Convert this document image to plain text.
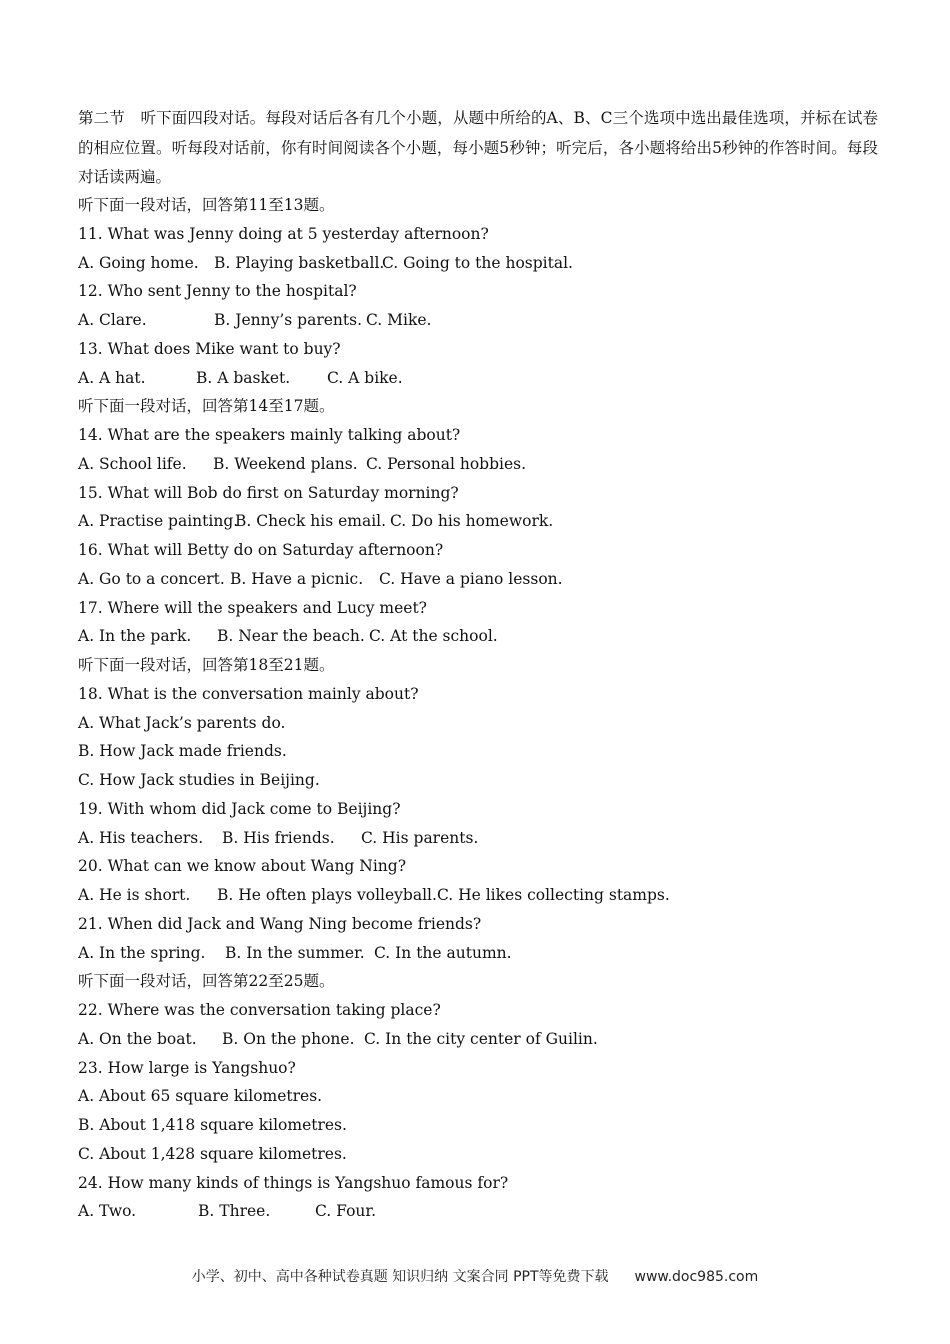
第二节　听下面四段对话。每段对话后各有几个小题，从题中所给的A、B、C三个选项中选出最佳选项，并标在试卷的相应位置。听每段对话前，你有时间阅读各个小题，每小题5秒钟；听完后，各小题将给出5秒钟的作答时间。每段对话读两遍。
听下面一段对话，回答第11至13题。
11. What was Jenny doing at 5 yesterday afternoon?
A. Going home. B. Playing basketball.C. Going to the hospital.
12. Who sent Jenny to the hospital?
A. Clare.	B. Jenny’s parents. C. Mike.
13. What does Mike want to buy?
A. A hat.	B. A basket. C. A bike.
听下面一段对话，回答第14至17题。
14. What are the speakers mainly talking about?
A. School life. B. Weekend plans. C. Personal hobbies.
15. What will Bob do first on Saturday morning?
A. Practise painting.B. Check his email. C. Do his homework.
16. What will Betty do on Saturday afternoon?
A. Go to a concert. B. Have a picnic. C. Have a piano lesson.
17. Where will the speakers and Lucy meet?
A. In the park. B. Near the beach. C. At the school.
听下面一段对话，回答第18至21题。
18. What is the conversation mainly about?
A. What Jack’s parents do.
B. How Jack made friends.
C. How Jack studies in Beijing.
19. With whom did Jack come to Beijing?
A. His teachers. B. His friends. C. His parents.
20. What can we know about Wang Ning?
A. He is short. B. He often plays volleyball.C. He likes collecting stamps.
21. When did Jack and Wang Ning become friends?
A. In the spring. B. In the summer. C. In the autumn.
听下面一段对话，回答第22至25题。
22. Where was the conversation taking place?
A. On the boat. B. On the phone. C. In the city center of Guilin.
23. How large is Yangshuo?
A. About 65 square kilometres.
B. About 1,418 square kilometres.
C. About 1,428 square kilometres.
24. How many kinds of things is Yangshuo famous for?
A. Two.	B. Three.	C. Four.
小学、初中、高中各种试卷真题 知识归纳 文案合同 PPT等免费下载 www.doc985.com
